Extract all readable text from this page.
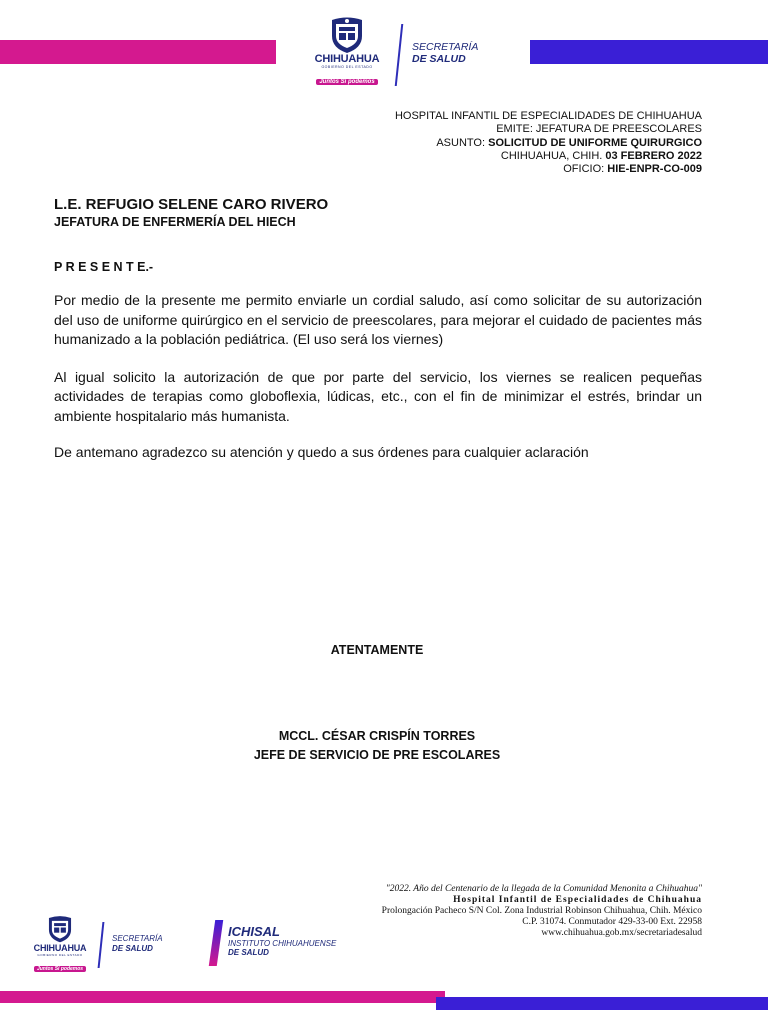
CHIHUAHUA
GOBIERNO DEL ESTADO
Juntos Sí podemos
SECRETARÍA
DE SALUD
HOSPITAL INFANTIL DE ESPECIALIDADES DE CHIHUAHUA
EMITE: JEFATURA DE PREESCOLARES
ASUNTO: SOLICITUD DE UNIFORME QUIRURGICO
CHIHUAHUA, CHIH. 03 FEBRERO 2022
OFICIO: HIE-ENPR-CO-009
L.E. REFUGIO SELENE CARO RIVERO
JEFATURA DE ENFERMERÍA DEL HIECH
P R E S E N T E.-

Por medio de la presente me permito enviarle un cordial saludo, así como solicitar de su autorización del uso de uniforme quirúrgico en el servicio de preescolares, para mejorar el cuidado de pacientes más humanizado a la población pediátrica. (El uso será los viernes)

Al igual solicito la autorización de que por parte del servicio, los viernes se realicen pequeñas actividades de terapias como globoflexia, lúdicas, etc., con el fin de minimizar el estrés, brindar un ambiente hospitalario más humanista.

De antemano agradezco su atención y quedo a sus órdenes para cualquier aclaración

ATENTAMENTE
MCCL. CÉSAR CRISPÍN TORRES
JEFE DE SERVICIO DE PRE ESCOLARES
"2022. Año del Centenario de la llegada de la Comunidad Menonita a Chihuahua"
Hospital Infantil de Especialidades de Chihuahua
Prolongación Pacheco S/N Col. Zona Industrial Robinson Chihuahua, Chih. México
C.P. 31074. Conmutador 429-33-00 Ext. 22958
www.chihuahua.gob.mx/secretariadesalud
CHIHUAHUA
GOBIERNO DEL ESTADO
Juntos Sí podemos
SECRETARÍA
DE SALUD
ICHISAL
INSTITUTO CHIHUAHUENSE
DE SALUD
